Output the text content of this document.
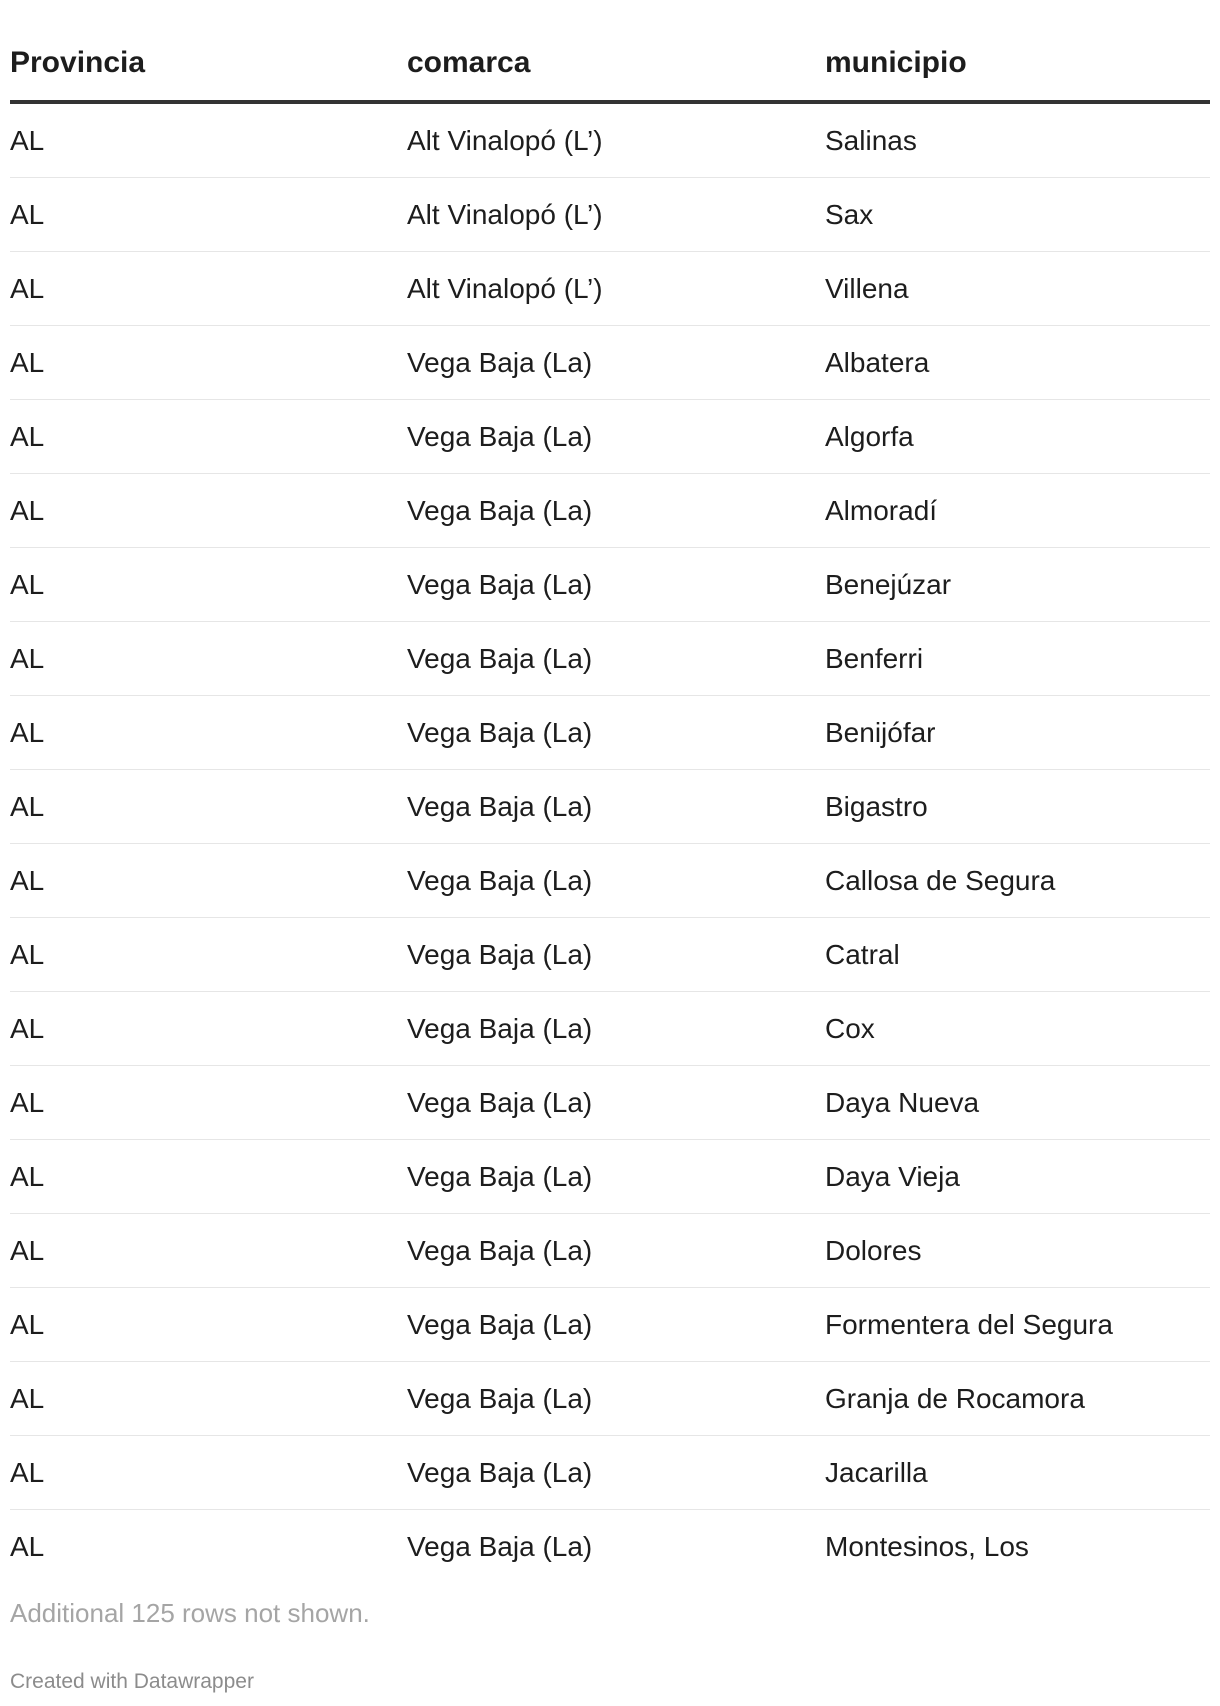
Provincia	comarca	municipio
AL	Alt Vinalopó (L’)	Salinas
AL	Alt Vinalopó (L’)	Sax
AL	Alt Vinalopó (L’)	Villena
AL	Vega Baja (La)	Albatera
AL	Vega Baja (La)	Algorfa
AL	Vega Baja (La)	Almoradí
AL	Vega Baja (La)	Benejúzar
AL	Vega Baja (La)	Benferri
AL	Vega Baja (La)	Benijófar
AL	Vega Baja (La)	Bigastro
AL	Vega Baja (La)	Callosa de Segura
AL	Vega Baja (La)	Catral
AL	Vega Baja (La)	Cox
AL	Vega Baja (La)	Daya Nueva
AL	Vega Baja (La)	Daya Vieja
AL	Vega Baja (La)	Dolores
AL	Vega Baja (La)	Formentera del Segura
AL	Vega Baja (La)	Granja de Rocamora
AL	Vega Baja (La)	Jacarilla
AL	Vega Baja (La)	Montesinos, Los
Additional 125 rows not shown.
Created with Datawrapper
